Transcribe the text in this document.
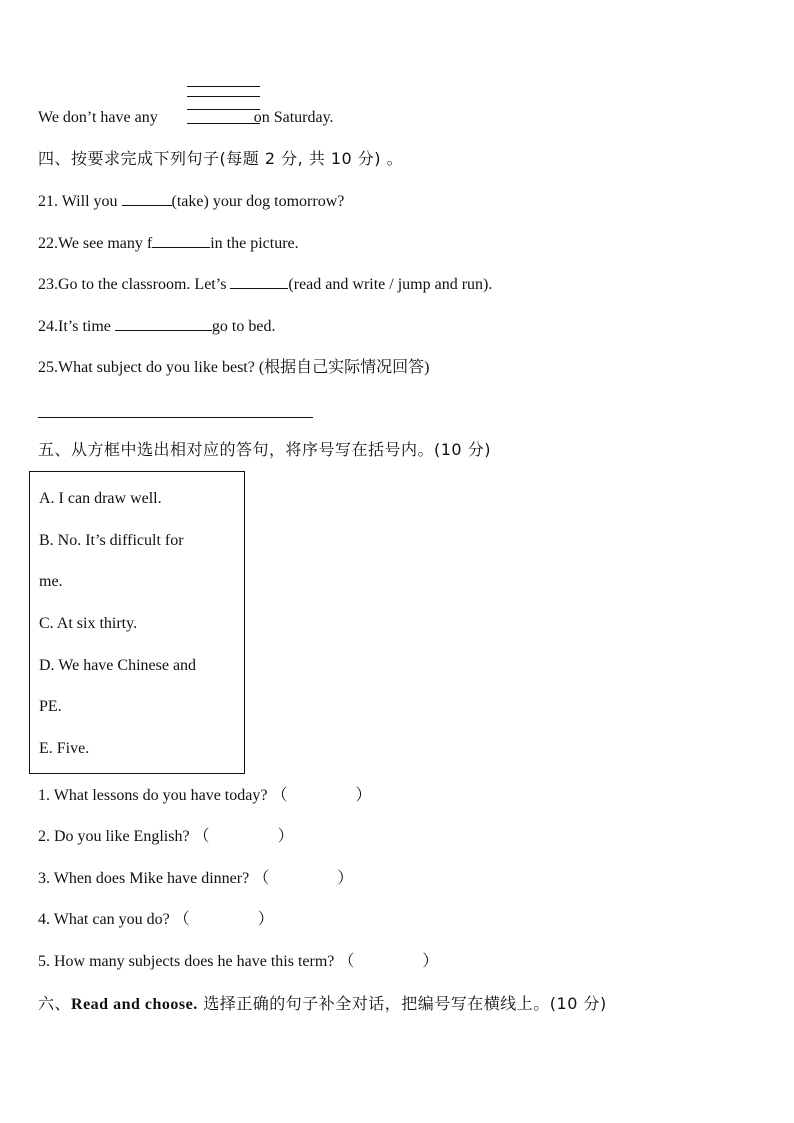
We don’t have any	on Saturday.
四、按要求完成下列句子(每题 2 分, 共 10 分) 。
21. Will you	(take) your dog tomorrow?
22.We see many f	in the picture.
23.Go to the classroom. Let’s	(read and write / jump and run).
24.It’s time	go to bed.
25.What subject do you like best? (根据自己实际情况回答)
五、从方框中选出相对应的答句，将序号写在括号内。(10 分)
A. I can draw well.
B. No. It’s difficult for
me.
C. At six thirty.
D. We have Chinese and
PE.
E. Five.
1. What lessons do you have today? （	）
2. Do you like English? （	）
3. When does Mike have dinner? （	）
4. What can you do? （	）
5. How many subjects does he have this term? （	）
六、Read and choose. 选择正确的句子补全对话，把编号写在横线上。(10 分)
